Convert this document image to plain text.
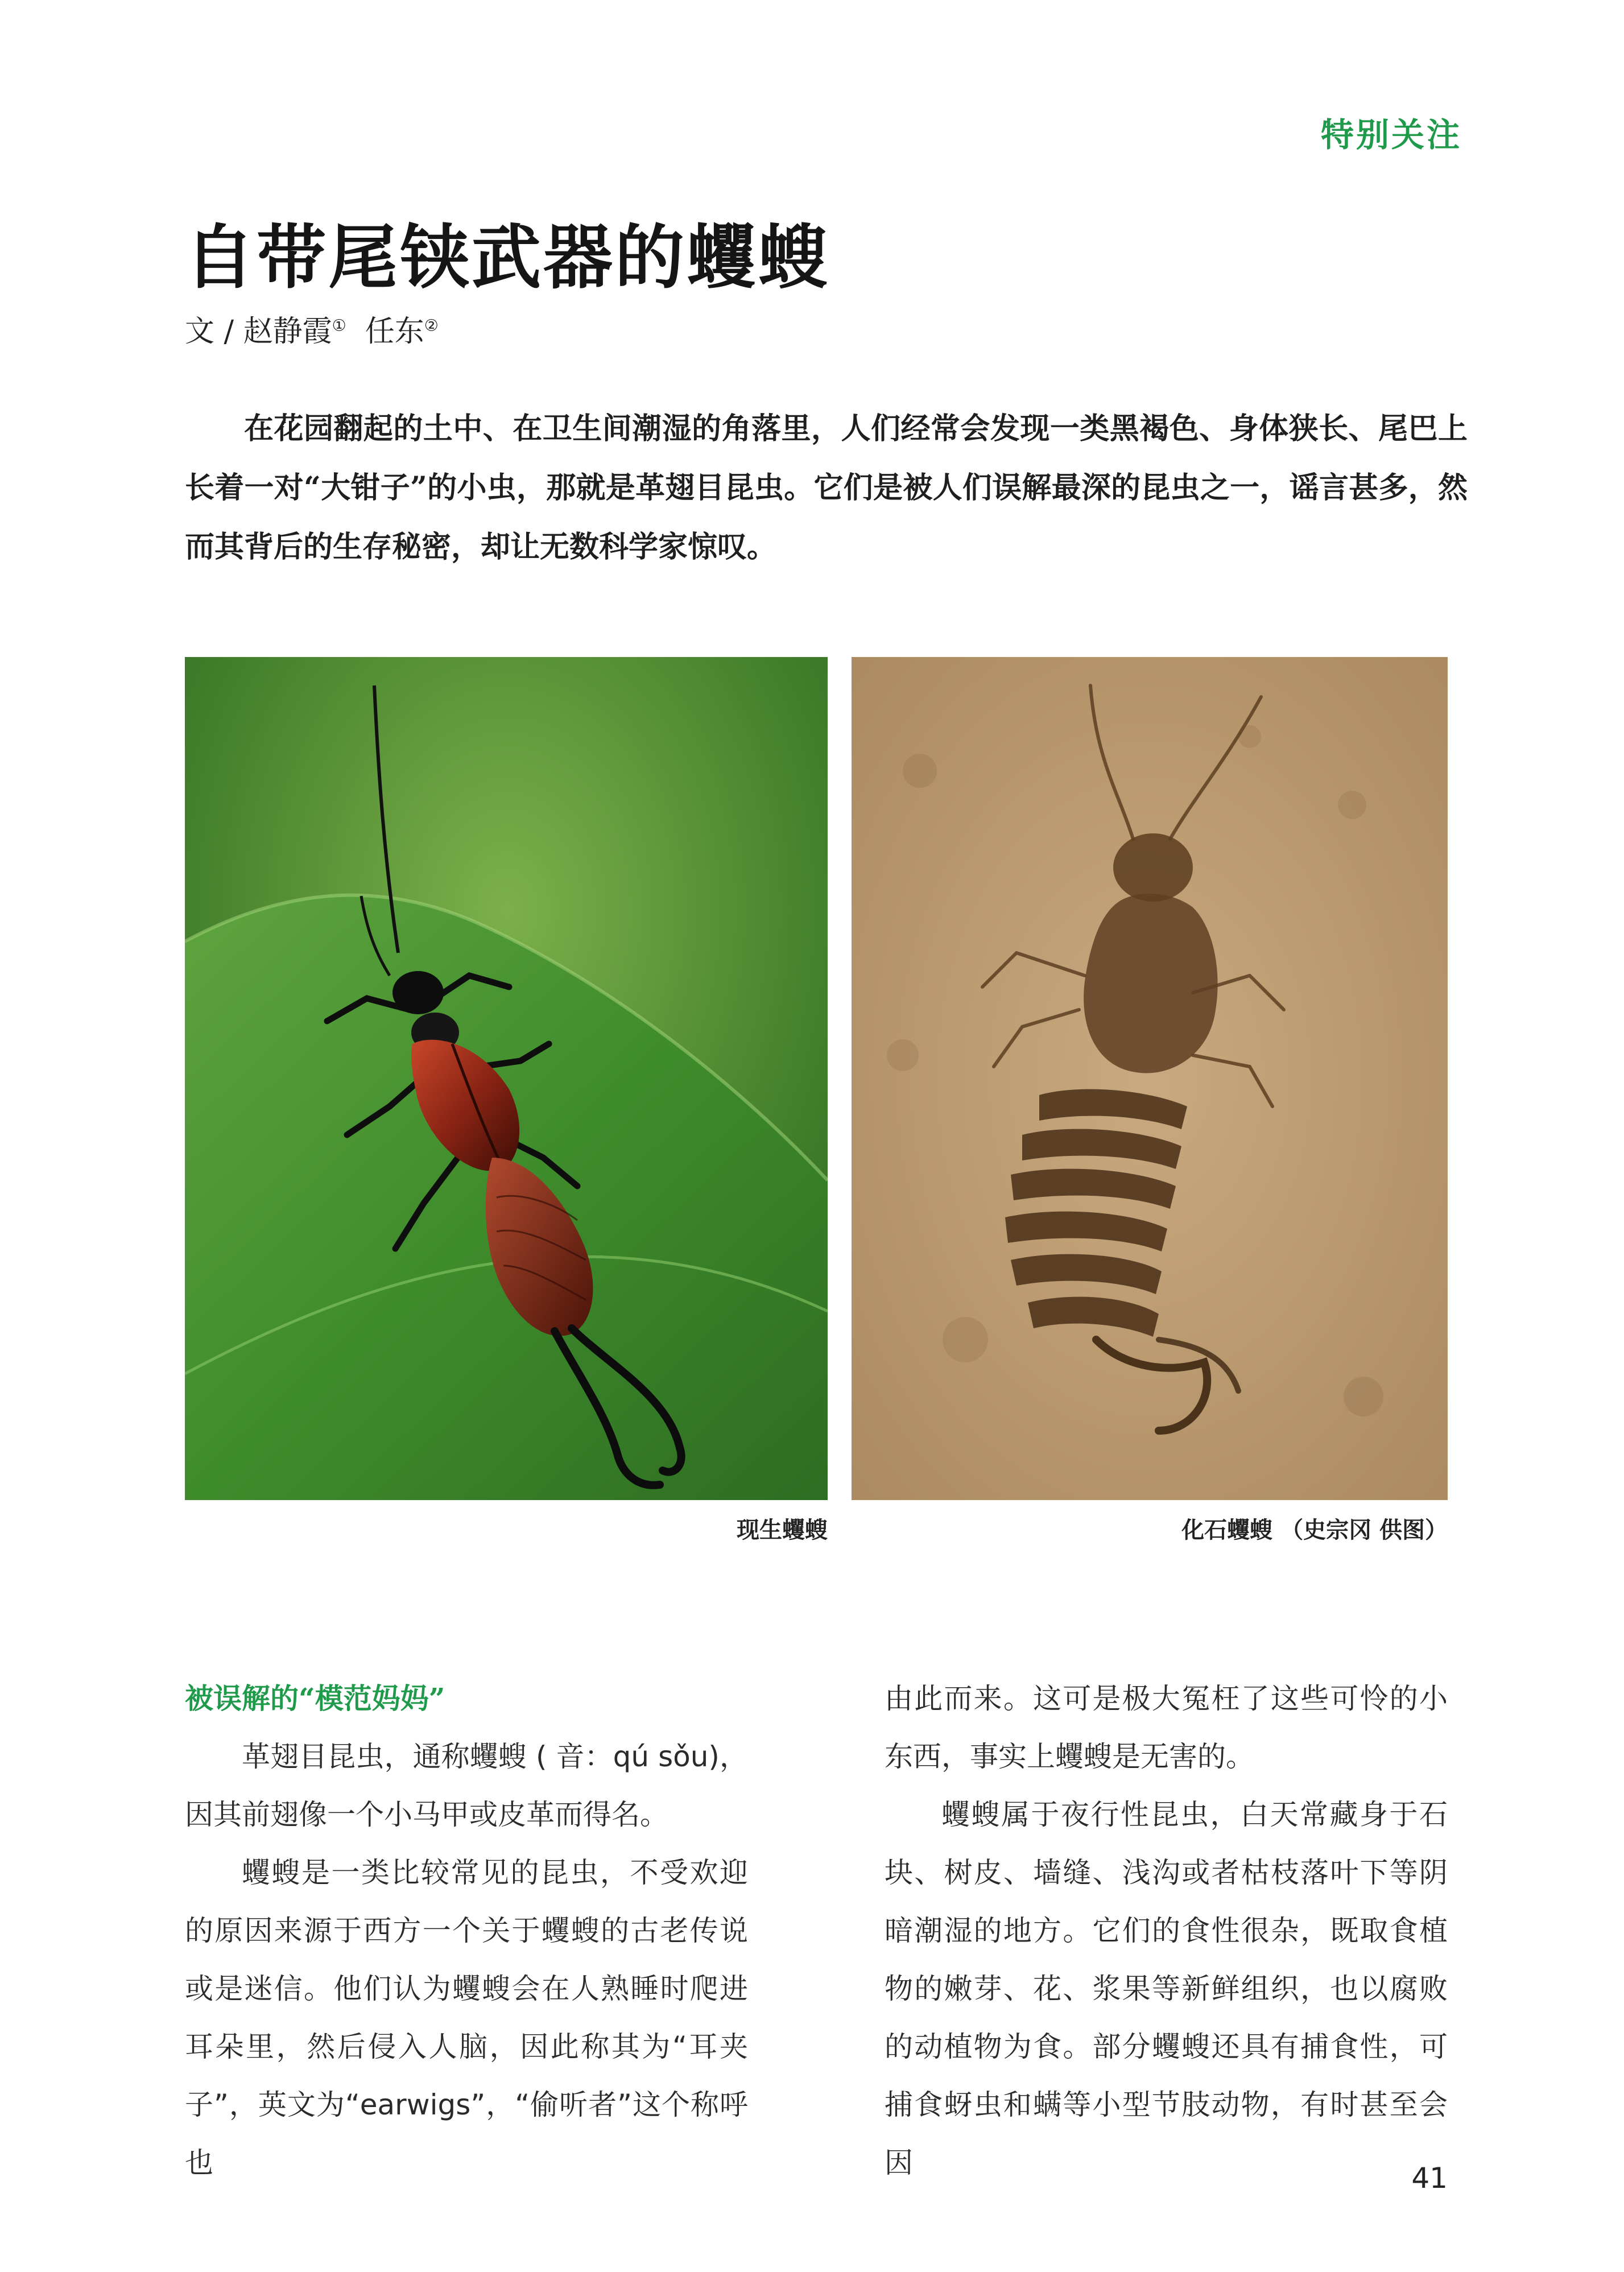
特别关注
自带尾铗武器的蠼螋
文 / 赵静霞① 任东②

在花园翻起的土中、在卫生间潮湿的角落里，人们经常会发现一类黑褐色、身体狭长、尾巴上长着一对“大钳子”的小虫，那就是革翅目昆虫。它们是被人们误解最深的昆虫之一，谣言甚多，然而其背后的生存秘密，却让无数科学家惊叹。

现生蠼螋	化石蠼螋 （史宗冈 供图）
被误解的“模范妈妈”

革翅目昆虫，通称蠼螋 ( 音：qú sǒu)，因其前翅像一个小马甲或皮革而得名。

蠼螋是一类比较常见的昆虫，不受欢迎的原因来源于西方一个关于蠼螋的古老传说或是迷信。他们认为蠼螋会在人熟睡时爬进耳朵里，然后侵入人脑，因此称其为“耳夹子”，英文为“earwigs”，“偷听者”这个称呼也

由此而来。这可是极大冤枉了这些可怜的小东西，事实上蠼螋是无害的。

蠼螋属于夜行性昆虫，白天常藏身于石块、树皮、墙缝、浅沟或者枯枝落叶下等阴暗潮湿的地方。它们的食性很杂，既取食植物的嫩芽、花、浆果等新鲜组织，也以腐败的动植物为食。部分蠼螋还具有捕食性，可捕食蚜虫和螨等小型节肢动物，有时甚至会因	41
